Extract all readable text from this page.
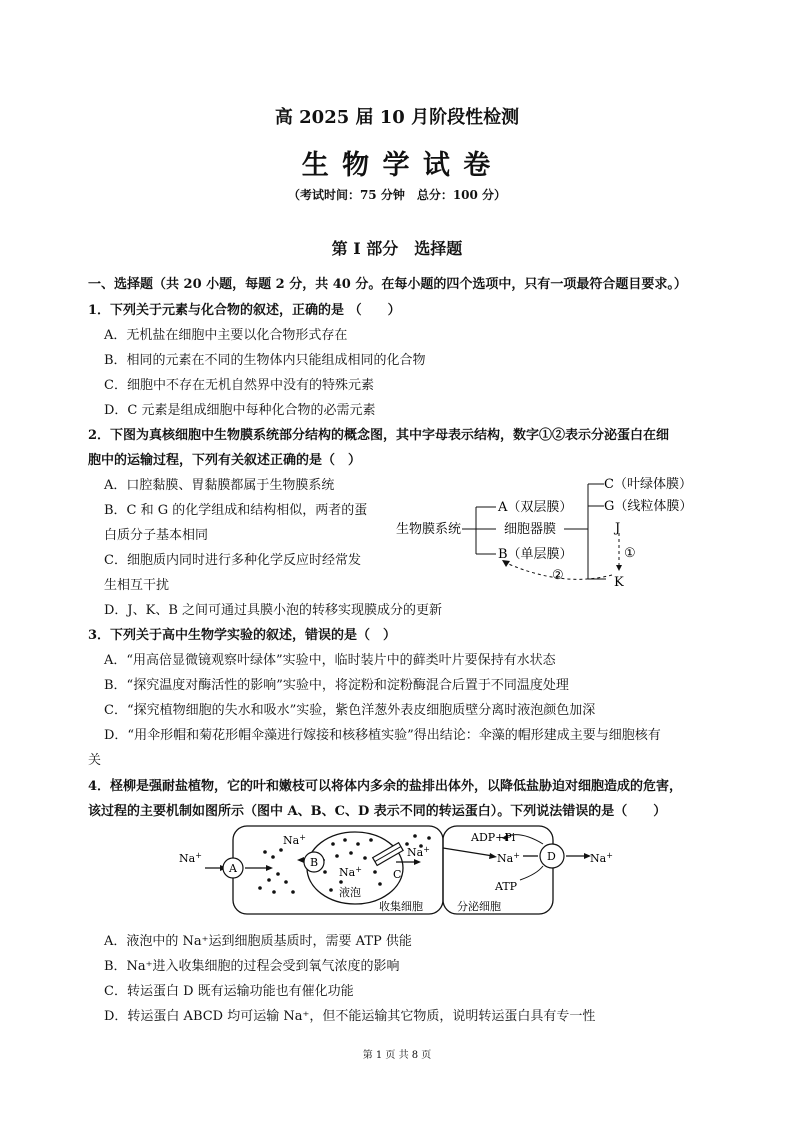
高 2025 届 10 月阶段性检测
生 物 学 试 卷
（考试时间：75 分钟　总分：100 分）
第 I 部分　选择题
一、选择题（共 20 小题，每题 2 分，共 40 分。在每小题的四个选项中，只有一项最符合题目要求。）
1．下列关于元素与化合物的叙述，正确的是 （　　）
A．无机盐在细胞中主要以化合物形式存在
B．相同的元素在不同的生物体内只能组成相同的化合物
C．细胞中不存在无机自然界中没有的特殊元素
D．C 元素是组成细胞中每种化合物的必需元素
2．下图为真核细胞中生物膜系统部分结构的概念图，其中字母表示结构，数字①②表示分泌蛋白在细
胞中的运输过程，下列有关叙述正确的是（　）
A．口腔黏膜、胃黏膜都属于生物膜系统
B．C 和 G 的化学组成和结构相似，两者的蛋
白质分子基本相同
C．细胞质内同时进行多种化学反应时经常发
生相互干扰
D．J、K、B 之间可通过具膜小泡的转移实现膜成分的更新
生物膜系统
A（双层膜）
细胞器膜
B（单层膜）
C（叶绿体膜）
G（线粒体膜）
J
K
①
②
3．下列关于高中生物学实验的叙述，错误的是（　）
A．“用高倍显微镜观察叶绿体”实验中，临时装片中的藓类叶片要保持有水状态
B．“探究温度对酶活性的影响”实验中，将淀粉和淀粉酶混合后置于不同温度处理
C．“探究植物细胞的失水和吸水”实验，紫色洋葱外表皮细胞质壁分离时液泡颜色加深
D．“用伞形帽和菊花形帽伞藻进行嫁接和核移植实验”得出结论：伞藻的帽形建成主要与细胞核有
关
4．柽柳是强耐盐植物，它的叶和嫩枝可以将体内多余的盐排出体外，以降低盐胁迫对细胞造成的危害，
该过程的主要机制如图所示（图中 A、B、C、D 表示不同的转运蛋白）。下列说法错误的是（　　）
Na+
Na+
Na+
Na+
Na+	Na+
A	B
C
D
液泡
收集细胞	分泌细胞
ADP+Pi
ATP
A．液泡中的 Na⁺运到细胞质基质时，需要 ATP 供能
B．Na⁺进入收集细胞的过程会受到氧气浓度的影响
C．转运蛋白 D 既有运输功能也有催化功能
D．转运蛋白 ABCD 均可运输 Na⁺，但不能运输其它物质，说明转运蛋白具有专一性
第 1 页 共 8 页
